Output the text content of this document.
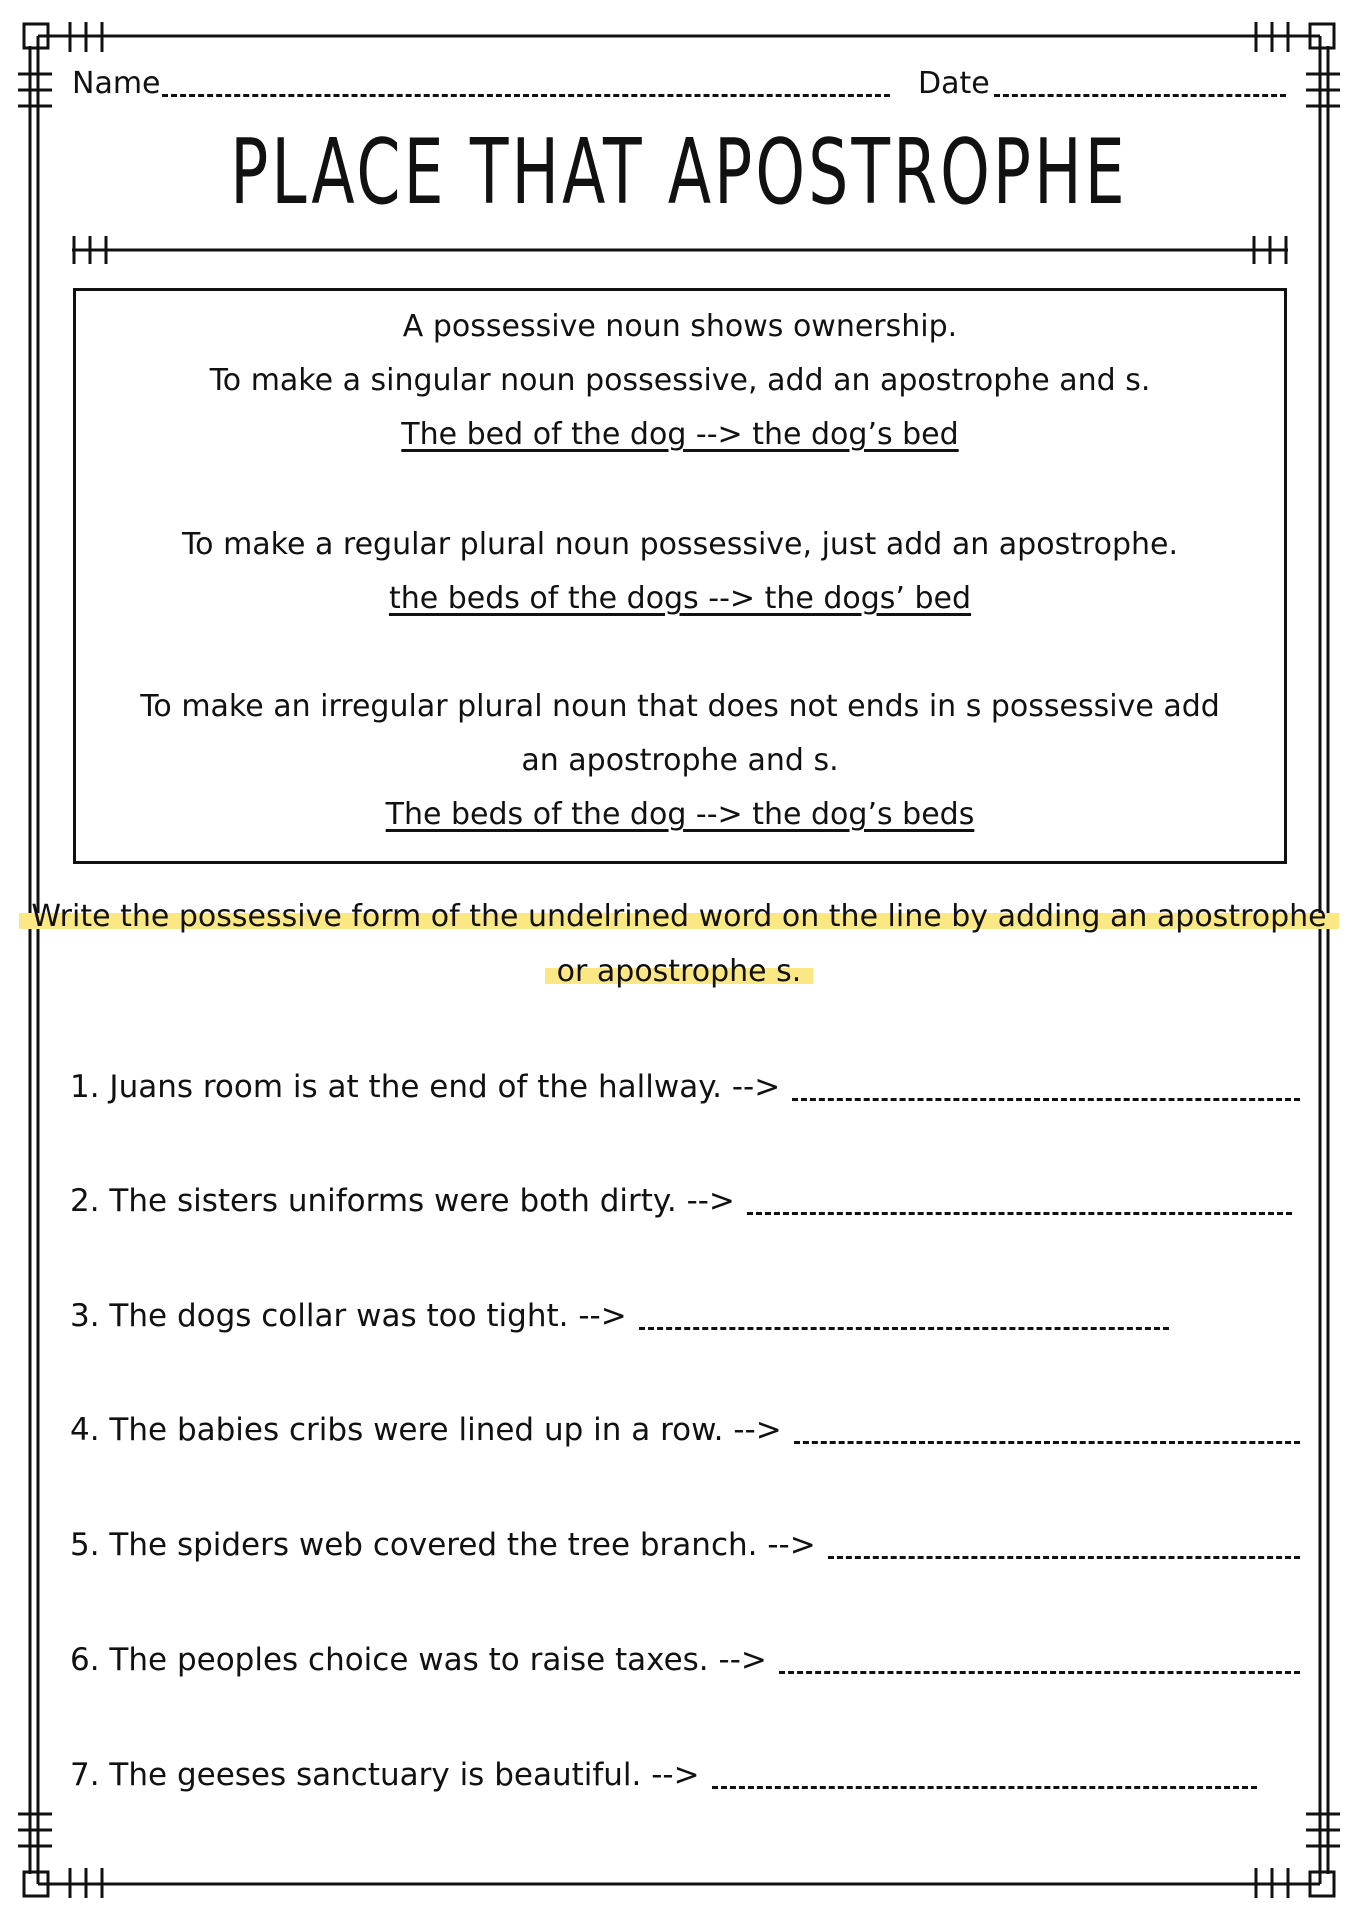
Name	Date
PLACE THAT APOSTROPHE
A possessive noun shows ownership.
To make a singular noun possessive, add an apostrophe and s.
The bed of the dog --> the dog’s bed
To make a regular plural noun possessive, just add an apostrophe.
the beds of the dogs --> the dogs’ bed
To make an irregular plural noun that does not ends in s possessive add
an apostrophe and s.
The beds of the dog --> the dog’s beds
Write the possessive form of the undelrined word on the line by adding an apostrophe
or apostrophe s.
1. Juans room is at the end of the hallway. -->
2. The sisters uniforms were both dirty. -->
3. The dogs collar was too tight. -->
4. The babies cribs were lined up in a row. -->
5. The spiders web covered the tree branch. -->
6. The peoples choice was to raise taxes. -->
7. The geeses sanctuary is beautiful. -->
